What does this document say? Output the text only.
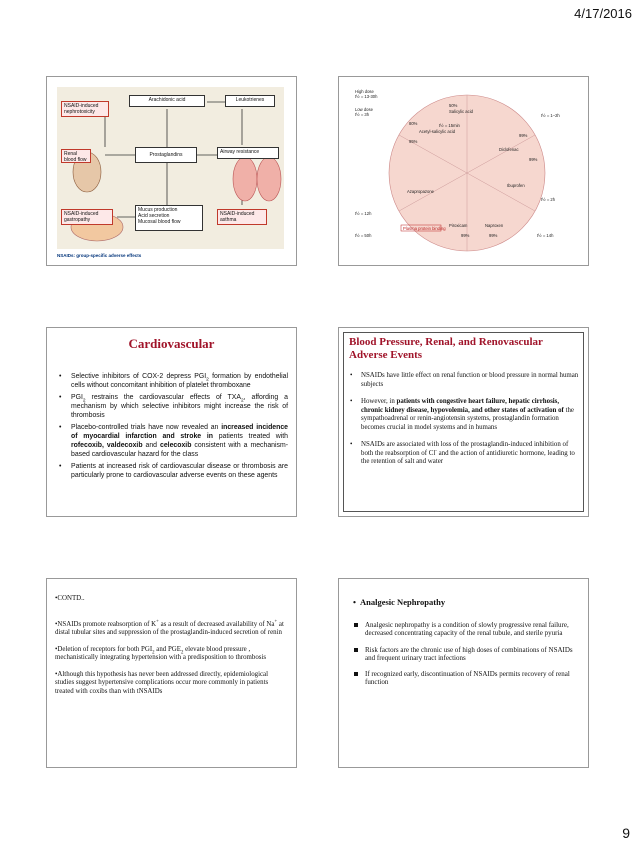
4/17/2016
Arachidonic acid	Leukotrienes
NSAID-induced nephrotoxicity
Renal blood flow
Prostaglandins	Airway resistance
NSAID-induced gastropathy
Mucus production
Acid secretion
Mucosal blood flow
NSAID-induced asthma
NSAIDs: group-specific adverse effects
High dose
t½ = 13-30h
Low dose
t½ = 3h
50%
Salicylic acid
80%
Acetyl-salicylic acid
t½ = 15min
95%
Diclofenac
t½ = 1–2h
99%
99%
Ibuprofen
Azapropazone
t½ = 2h
t½ = 12h
Piroxicam	Naproxen
99%	99%
t½ = 50h	t½ = 14h
Plasma protein binding
Cardiovascular
• Selective inhibitors of COX-2 depress $PGI_2$ formation by endothelial cells without concomitant inhibition of platelet thromboxane
• $PGI_2$ restrains the cardiovascular effects of $TXA_2$, affording a mechanism by which selective inhibitors might increase the risk of thrombosis
• Placebo-controlled trials have now revealed an increased incidence of myocardial infarction and stroke in patients treated with rofecoxib, valdecoxib and celecoxib consistent with a mechanism-based cardiovascular hazard for the class
• Patients at increased risk of cardiovascular disease or thrombosis are particularly prone to cardiovascular adverse events on these agents
Blood Pressure, Renal, and Renovascular Adverse Events
• NSAIDs have little effect on renal function or blood pressure in normal human subjects
• However, in patients with congestive heart failure, hepatic cirrhosis, chronic kidney disease, hypovolemia, and other states of activation of the sympathoadrenal or renin-angiotensin systems, prostaglandin formation becomes crucial in model systems and in humans
• NSAIDs are associated with loss of the prostaglandin-induced inhibition of both the reabsorption of Cl- and the action of antidiuretic hormone, leading to the retention of salt and water

•CONTD..

•NSAIDs promote reabsorption of K+ as a result of decreased availability of Na+ at distal tubular sites and suppression of the prostaglandin-induced secretion of renin

•Deletion of receptors for both $PGI_2$ and $PGE_2$ elevate blood pressure , mechanistically integrating hypertension with a predisposition to thrombosis

•Although this hypothesis has never been addressed directly, epidemiological studies suggest hypertensive complications occur more commonly in patients treated with coxibs than with tNSAIDs

• Analgesic Nephropathy
Analgesic nephropathy is a condition of slowly progressive renal failure, decreased concentrating capacity of the renal tubule, and sterile pyuria
Risk factors are the chronic use of high doses of combinations of NSAIDs and frequent urinary tract infections
If recognized early, discontinuation of NSAIDs permits recovery of renal function
9
